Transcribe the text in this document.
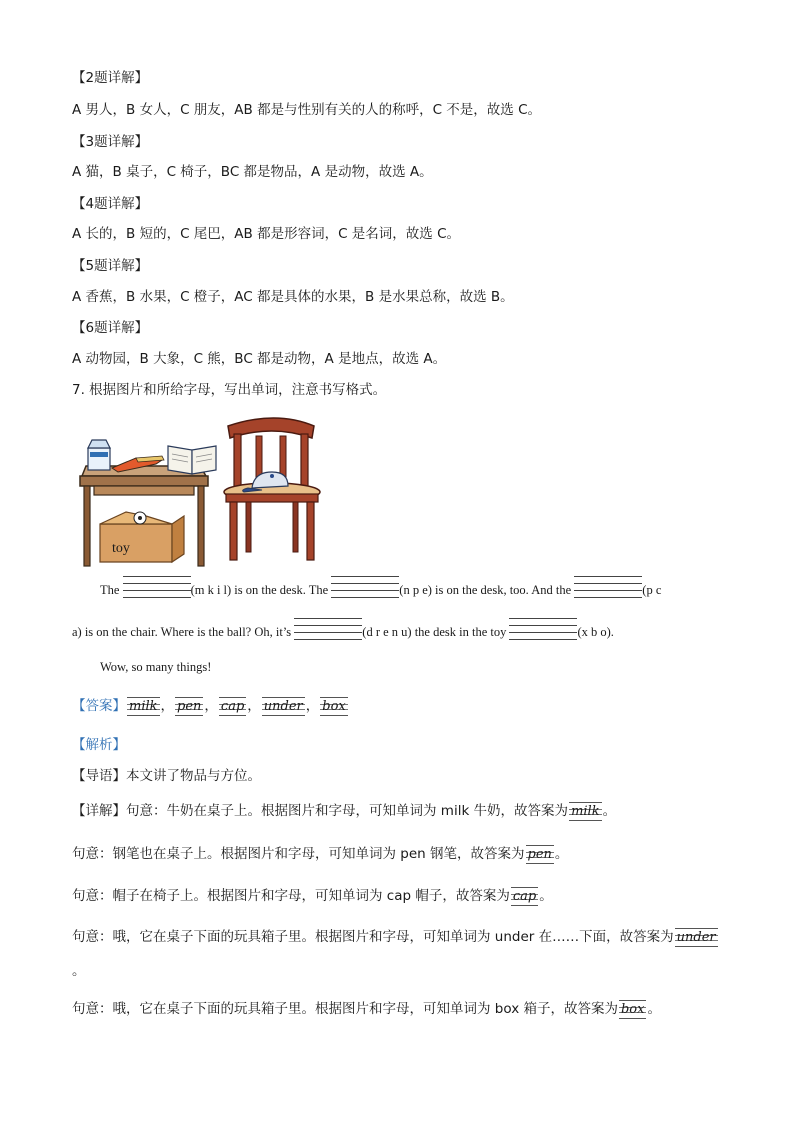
【2题详解】
A 男人，B 女人，C 朋友，AB 都是与性别有关的人的称呼，C 不是，故选 C。
【3题详解】
A 猫，B 桌子，C 椅子，BC 都是物品，A 是动物，故选 A。
【4题详解】
A 长的，B 短的，C 尾巴，AB 都是形容词，C 是名词，故选 C。
【5题详解】
A 香蕉，B 水果，C 橙子，AC 都是具体的水果，B 是水果总称，故选 B。
【6题详解】
A 动物园，B 大象，C 熊，BC 都是动物，A 是地点，故选 A。
7. 根据图片和所给字母，写出单词，注意书写格式。
toy
The	(m k i l) is on the desk. The	(n p e) is on the desk, too. And the	(p c
a) is on the chair. Where is the ball? Oh, it’s	(d r e n u) the desk in the toy	(x b o).
Wow, so many things!
【答案】 milk ， pen ， cap ， under ， box
【解析】
【导语】本文讲了物品与方位。
【详解】句意：牛奶在桌子上。根据图片和字母，可知单词为 milk 牛奶，故答案为 milk 。
句意：钢笔也在桌子上。根据图片和字母，可知单词为 pen 钢笔，故答案为 pen 。
句意：帽子在椅子上。根据图片和字母，可知单词为 cap 帽子，故答案为 cap 。
句意：哦，它在桌子下面的玩具箱子里。根据图片和字母，可知单词为 under 在……下面，故答案为 under。
句意：哦，它在桌子下面的玩具箱子里。根据图片和字母，可知单词为 box 箱子，故答案为 box 。
